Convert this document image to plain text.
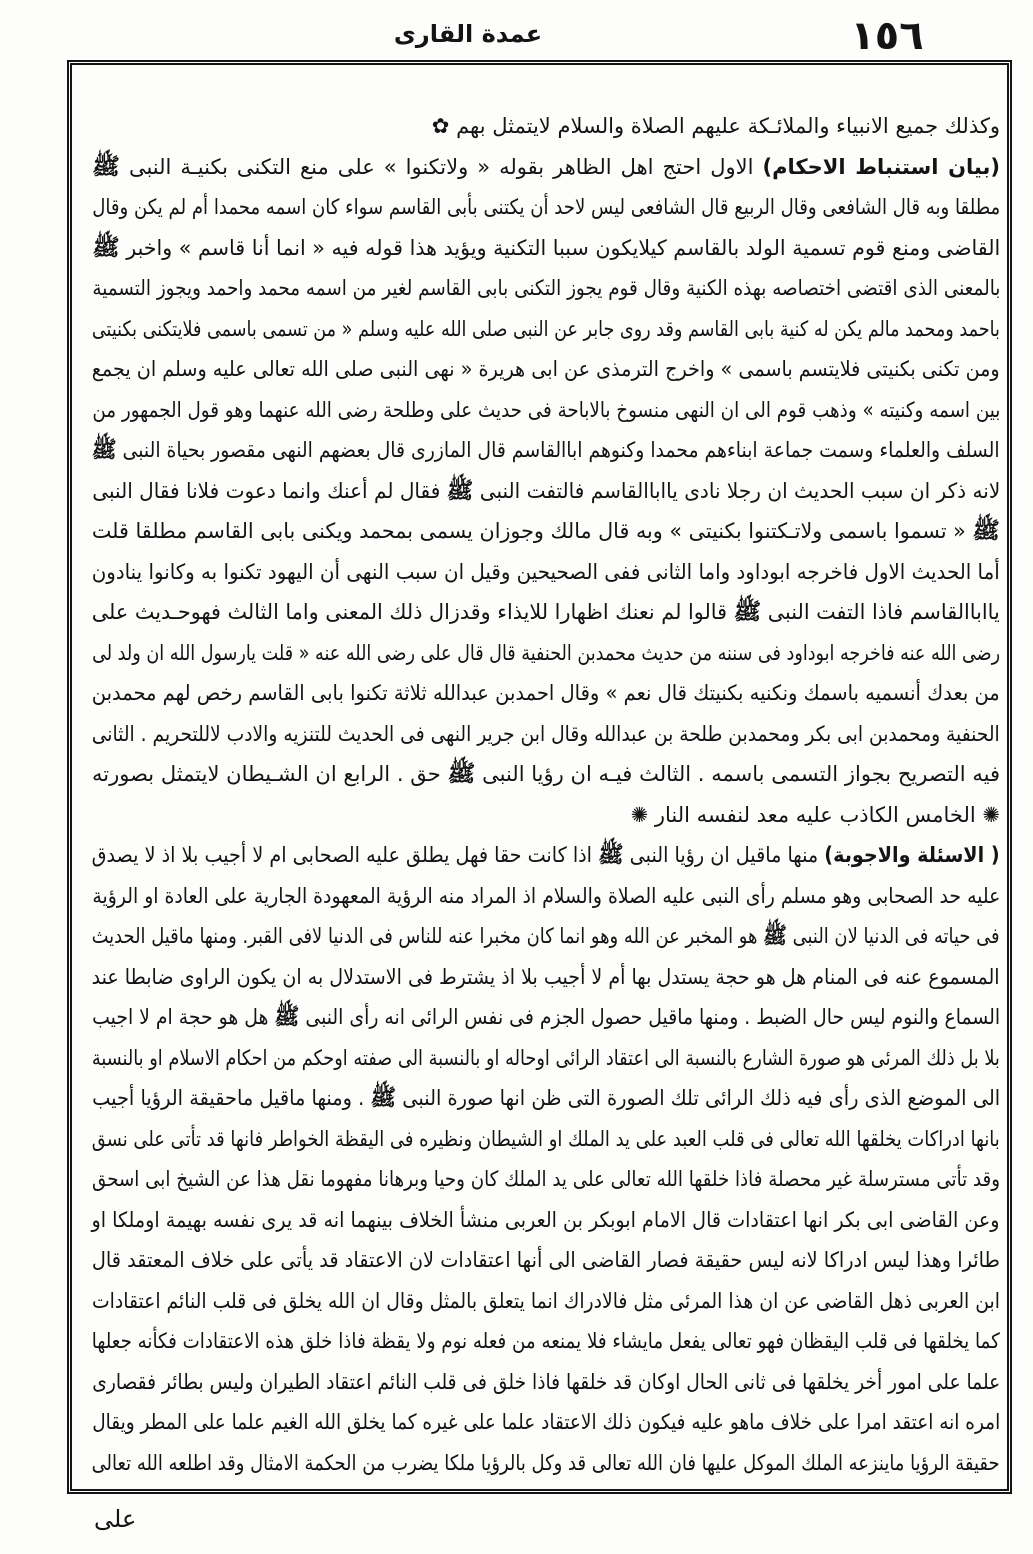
عمدة القارى	١٥٦
وكذلك جميع الانبياء والملائـكة عليهم الصلاة والسلام لايتمثل بهم ✿
(بيان استنباط الاحكام) الاول احتج اهل الظاهر بقوله « ولاتكنوا » على منع التكنى بكنيـة النبى ﷺ
مطلقا وبه قال الشافعى وقال الربيع قال الشافعى ليس لاحد أن يكتنى بأبى القاسم سواء كان اسمه محمدا أم لم يكن وقال
القاضى ومنع قوم تسمية الولد بالقاسم كيلايكون سببا التكنية ويؤيد هذا قوله فيه « انما أنا قاسم » واخبر ﷺ
بالمعنى الذى اقتضى اختصاصه بهذه الكنية وقال قوم يجوز التكنى بابى القاسم لغير من اسمه محمد واحمد ويجوز التسمية
باحمد ومحمد مالم يكن له كنية بابى القاسم وقد روى جابر عن النبى صلى الله عليه وسلم « من تسمى باسمى فلايتكنى بكنيتى
ومن تكنى بكنيتى فلايتسم باسمى » واخرج الترمذى عن ابى هريرة « نهى النبى صلى الله تعالى عليه وسلم ان يجمع
بين اسمه وكنيته » وذهب قوم الى ان النهى منسوخ بالاباحة فى حديث على وطلحة رضى الله عنهما وهو قول الجمهور من
السلف والعلماء وسمت جماعة ابناءهم محمدا وكنوهم اباالقاسم قال المازرى قال بعضهم النهى مقصور بحياة النبى ﷺ
لانه ذكر ان سبب الحديث ان رجلا نادى يااباالقاسم فالتفت النبى ﷺ فقال لم أعنك وانما دعوت فلانا فقال النبى
ﷺ « تسموا باسمى ولاتـكتنوا بكنيتى » وبه قال مالك وجوزان يسمى بمحمد ويكنى بابى القاسم مطلقا قلت
أما الحديث الاول فاخرجه ابوداود واما الثانى ففى الصحيحين وقيل ان سبب النهى أن اليهود تكنوا به وكانوا ينادون
يااباالقاسم فاذا التفت النبى ﷺ قالوا لم نعنك اظهارا للايذاء وقدزال ذلك المعنى واما الثالث فهوحـديث على
رضى الله عنه فاخرجه ابوداود فى سننه من حديث محمدبن الحنفية قال قال على رضى الله عنه « قلت يارسول الله ان ولد لى
من بعدك أنسميه باسمك ونكنيه بكنيتك قال نعم » وقال احمدبن عبدالله ثلاثة تكنوا بابى القاسم رخص لهم محمدبن
الحنفية ومحمدبن ابى بكر ومحمدبن طلحة بن عبدالله وقال ابن جرير النهى فى الحديث للتنزيه والادب لاللتحريم . الثانى
فيه التصريح بجواز التسمى باسمه . الثالث فيـه ان رؤيا النبى ﷺ حق . الرابع ان الشـيطان لايتمثل بصورته
✺ الخامس الكاذب عليه معد لنفسه النار ✺
( الاسئلة والاجوبة) منها ماقيل ان رؤيا النبى ﷺ اذا كانت حقا فهل يطلق عليه الصحابى ام لا أجيب بلا اذ لا يصدق
عليه حد الصحابى وهو مسلم رأى النبى عليه الصلاة والسلام اذ المراد منه الرؤية المعهودة الجارية على العادة او الرؤية
فى حياته فى الدنيا لان النبى ﷺ هو المخبر عن الله وهو انما كان مخبرا عنه للناس فى الدنيا لافى القبر. ومنها ماقيل الحديث
المسموع عنه فى المنام هل هو حجة يستدل بها أم لا أجيب بلا اذ يشترط فى الاستدلال به ان يكون الراوى ضابطا عند
السماع والنوم ليس حال الضبط . ومنها ماقيل حصول الجزم فى نفس الرائى انه رأى النبى ﷺ هل هو حجة ام لا اجيب
بلا بل ذلك المرئى هو صورة الشارع بالنسبة الى اعتقاد الرائى اوحاله او بالنسبة الى صفته اوحكم من احكام الاسلام او بالنسبة
الى الموضع الذى رأى فيه ذلك الرائى تلك الصورة التى ظن انها صورة النبى ﷺ . ومنها ماقيل ماحقيقة الرؤيا أجيب
بانها ادراكات يخلقها الله تعالى فى قلب العبد على يد الملك او الشيطان ونظيره فى اليقظة الخواطر فانها قد تأتى على نسق
وقد تأتى مسترسلة غير محصلة فاذا خلقها الله تعالى على يد الملك كان وحيا وبرهانا مفهوما نقل هذا عن الشيخ ابى اسحق
وعن القاضى ابى بكر انها اعتقادات قال الامام ابوبكر بن العربى منشأ الخلاف بينهما انه قد يرى نفسه بهيمة اوملكا او
طائرا وهذا ليس ادراكا لانه ليس حقيقة فصار القاضى الى أنها اعتقادات لان الاعتقاد قد يأتى على خلاف المعتقد قال
ابن العربى ذهل القاضى عن ان هذا المرئى مثل فالادراك انما يتعلق بالمثل وقال ان الله يخلق فى قلب النائم اعتقادات
كما يخلقها فى قلب اليقظان فهو تعالى يفعل مايشاء فلا يمنعه من فعله نوم ولا يقظة فاذا خلق هذه الاعتقادات فكأنه جعلها
علما على امور أخر يخلقها فى ثانى الحال اوكان قد خلقها فاذا خلق فى قلب النائم اعتقاد الطيران وليس بطائر فقصارى
امره انه اعتقد امرا على خلاف ماهو عليه فيكون ذلك الاعتقاد علما على غيره كما يخلق الله الغيم علما على المطر ويقال
حقيقة الرؤيا ماينزعه الملك الموكل عليها فان الله تعالى قد وكل بالرؤيا ملكا يضرب من الحكمة الامثال وقد اطلعه الله تعالى
على
